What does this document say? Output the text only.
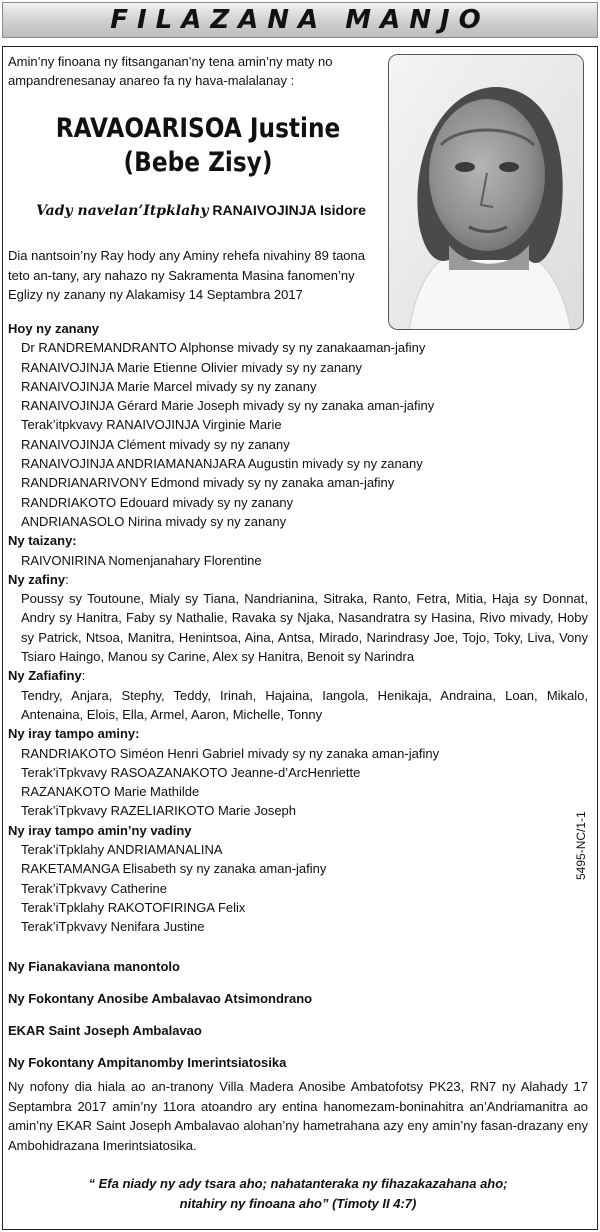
FILAZANA MANJO
Amin’ny finoana ny fitsanganan’ny tena amin’ny maty no ampandrenesanay anareo fa ny hava-malalanay :
RAVAOARISOA Justine
(Bebe Zisy)
Vady navelan’Itpklahy RANAIVOJINJA Isidore
Dia nantsoin’ny Ray hody any Aminy rehefa nivahiny 89 taona teto an-tany, ary nahazo ny Sakramenta Masina fanomen’ny Eglizy ny zanany ny Alakamisy 14 Septambra 2017
Hoy ny zanany
Dr RANDREMANDRANTO Alphonse mivady sy ny zanakaaman-jafiny
RANAIVOJINJA Marie Etienne Olivier mivady sy ny zanany
RANAIVOJINJA Marie Marcel mivady sy ny zanany
RANAIVOJINJA Gérard Marie Joseph mivady sy ny zanaka aman-jafiny
Terak’itpkvavy RANAIVOJINJA Virginie Marie
RANAIVOJINJA Clément mivady sy ny zanany
RANAIVOJINJA ANDRIAMANANJARA Augustin mivady sy ny zanany
RANDRIANARIVONY Edmond mivady sy ny zanaka aman-jafiny
RANDRIAKOTO Edouard mivady sy ny zanany
ANDRIANASOLO Nirina mivady sy ny zanany
Ny taizany:
RAIVONIRINA Nomenjanahary Florentine
Ny zafiny:
Poussy sy Toutoune, Mialy sy Tiana, Nandrianina, Sitraka, Ranto, Fetra, Mitia, Haja sy Donnat, Andry sy Hanitra, Faby sy Nathalie, Ravaka sy Njaka, Nasandratra sy Hasina, Rivo mivady, Hoby sy Patrick, Ntsoa, Manitra, Henintsoa, Aina, Antsa, Mirado, Narindrasy Joe, Tojo, Toky, Liva, Vony Tsiaro Haingo, Manou sy Carine, Alex sy Hanitra, Benoit sy Narindra
Ny Zafiafiny:
Tendry, Anjara, Stephy, Teddy, Irinah, Hajaina, Iangola, Henikaja, Andraina, Loan, Mikalo, Antenaina, Elois, Ella, Armel, Aaron, Michelle, Tonny
Ny iray tampo aminy:
RANDRIAKOTO Siméon Henri Gabriel mivady sy ny zanaka aman-jafiny
Terak’iTpkvavy RASOAZANAKOTO Jeanne-d’ArcHenriette
RAZANAKOTO Marie Mathilde
Terak’iTpkvavy RAZELIARIKOTO Marie Joseph
Ny iray tampo amin’ny vadiny
Terak’iTpklahy ANDRIAMANALINA
RAKETAMANGA Elisabeth sy ny zanaka aman-jafiny
Terak’iTpkvavy Catherine
Terak’iTpklahy RAKOTOFIRINGA Felix
Terak’iTpkvavy Nenifara Justine
5495-NC/1-1
Ny Fianakaviana manontolo
Ny Fokontany Anosibe Ambalavao Atsimondrano
EKAR Saint Joseph Ambalavao
Ny Fokontany Ampitanomby Imerintsiatosika
Ny nofony dia hiala ao an-tranony Villa Madera Anosibe Ambatofotsy PK23, RN7 ny Alahady 17 Septambra 2017 amin’ny 11ora atoandro ary entina hanomezam-boninahitra an’Andriamanitra ao amin’ny EKAR Saint Joseph Ambalavao alohan’ny hametrahana azy eny amin’ny fasan-drazany eny Ambohidrazana Imerintsiatosika.
“ Efa niady ny ady tsara aho; nahatanteraka ny fihazakazahana aho;
nitahiry ny finoana aho” (Timoty II 4:7)
